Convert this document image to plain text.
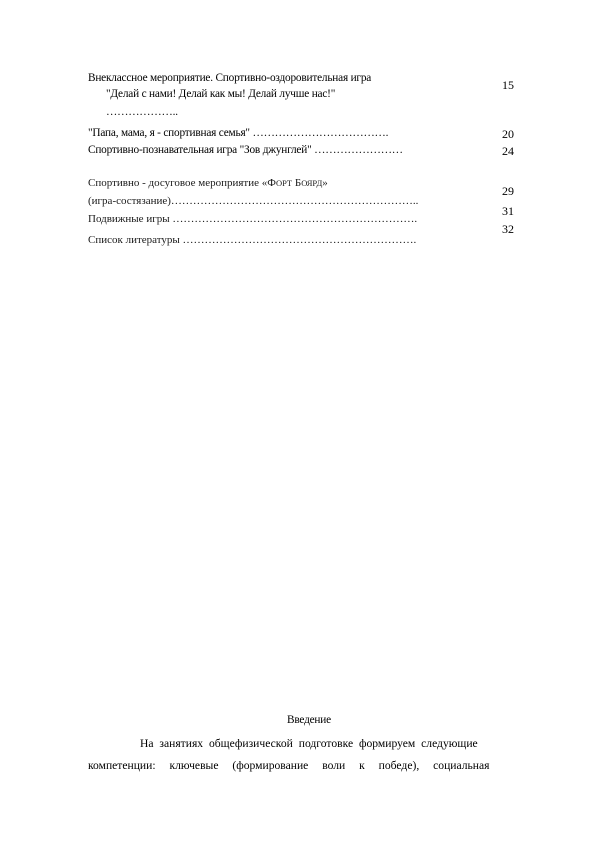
Внеклассное мероприятие. Спортивно-оздоровительная игра
"Делай с нами! Делай как мы! Делай лучше нас!"
………………..
15
"Папа, мама, я - спортивная семья" ……………………………….	20
Спортивно-познавательная игра "Зов джунглей" ……………………	24
Спортивно - досуговое мероприятие «ФОРТ БОЯРД»
(игра-состязание)…………………………………………………………..
29
Подвижные игры ………………………………………………………….
31
Список литературы ……………………………………………………….
32
Введение
На занятиях общефизической подготовке формируем следующие
компетенции: ключевые (формирование воли к победе), социальная
